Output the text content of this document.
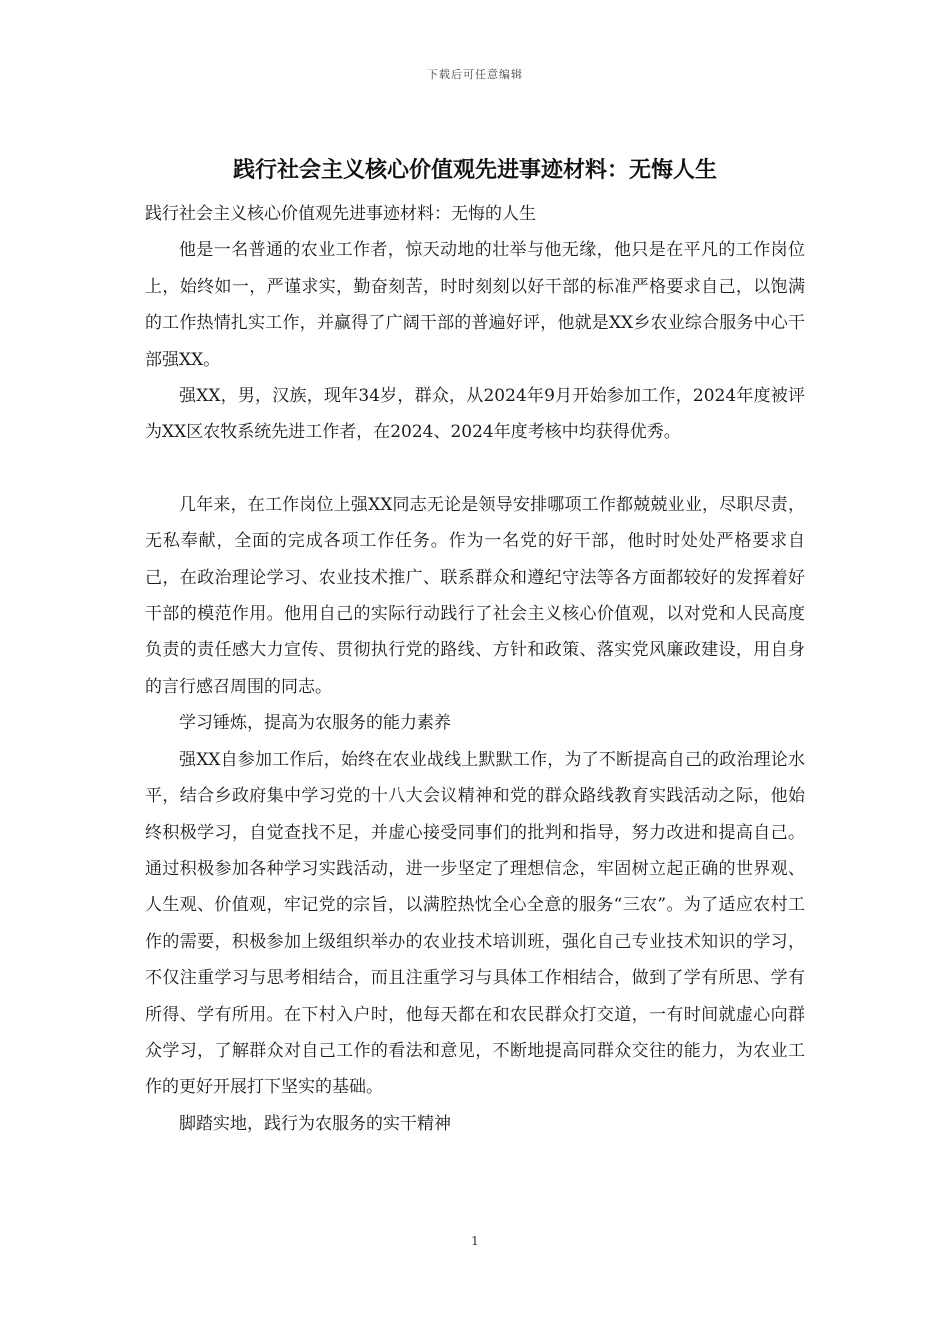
下载后可任意编辑
践行社会主义核心价值观先进事迹材料：无悔人生

践行社会主义核心价值观先进事迹材料：无悔的人生

他是一名普通的农业工作者，惊天动地的壮举与他无缘，他只是在平凡的工作岗位上，始终如一，严谨求实，勤奋刻苦，时时刻刻以好干部的标准严格要求自己，以饱满的工作热情扎实工作，并赢得了广阔干部的普遍好评，他就是XX乡农业综合服务中心干部强XX。

强XX，男，汉族，现年34岁，群众，从2024年9月开始参加工作，2024年度被评为XX区农牧系统先进工作者，在2024、2024年度考核中均获得优秀。

几年来，在工作岗位上强XX同志无论是领导安排哪项工作都兢兢业业，尽职尽责，无私奉献，全面的完成各项工作任务。作为一名党的好干部，他时时处处严格要求自己，在政治理论学习、农业技术推广、联系群众和遵纪守法等各方面都较好的发挥着好干部的模范作用。他用自己的实际行动践行了社会主义核心价值观，以对党和人民高度负责的责任感大力宣传、贯彻执行党的路线、方针和政策、落实党风廉政建设，用自身的言行感召周围的同志。

学习锤炼，提高为农服务的能力素养

强XX自参加工作后，始终在农业战线上默默工作，为了不断提高自己的政治理论水平，结合乡政府集中学习党的十八大会议精神和党的群众路线教育实践活动之际，他始终积极学习，自觉查找不足，并虚心接受同事们的批判和指导，努力改进和提高自己。通过积极参加各种学习实践活动，进一步坚定了理想信念，牢固树立起正确的世界观、人生观、价值观，牢记党的宗旨，以满腔热忱全心全意的服务“三农”。为了适应农村工作的需要，积极参加上级组织举办的农业技术培训班，强化自己专业技术知识的学习，不仅注重学习与思考相结合，而且注重学习与具体工作相结合，做到了学有所思、学有所得、学有所用。在下村入户时，他每天都在和农民群众打交道，一有时间就虚心向群众学习，了解群众对自己工作的看法和意见，不断地提高同群众交往的能力，为农业工作的更好开展打下坚实的基础。

脚踏实地，践行为农服务的实干精神

1
